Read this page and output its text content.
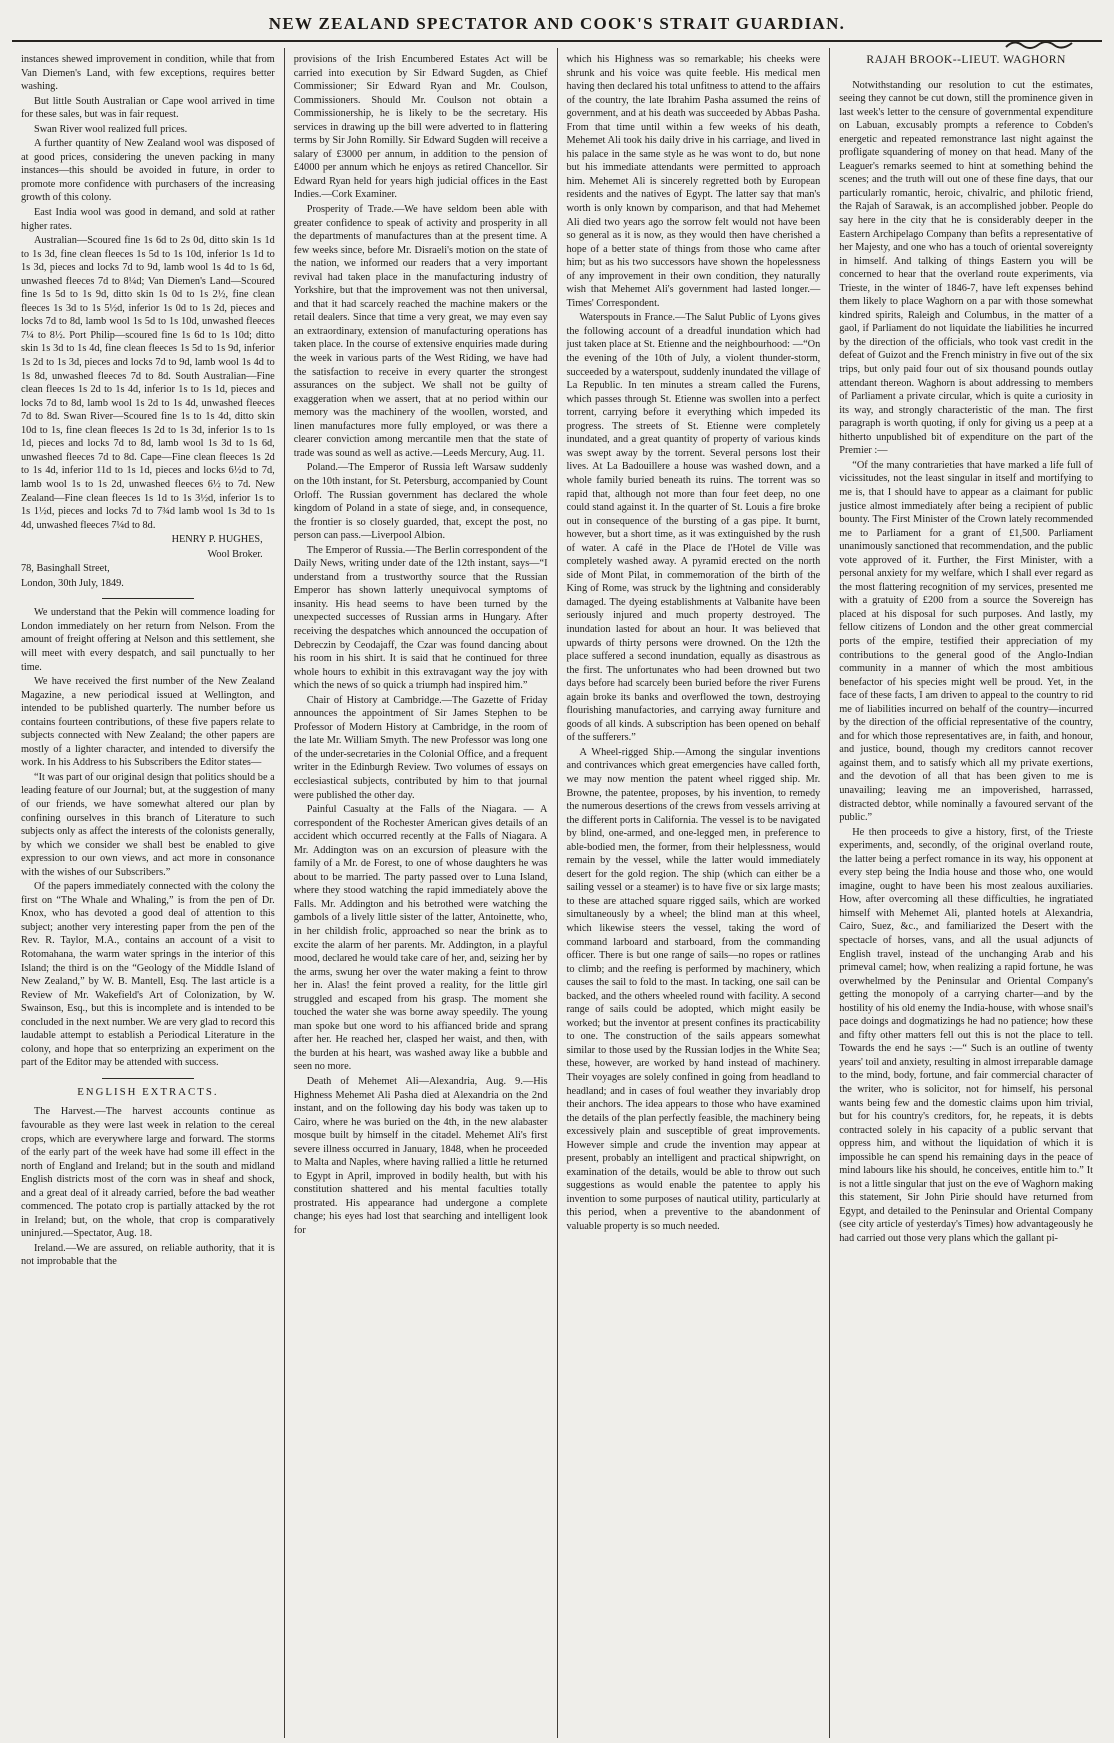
NEW ZEALAND SPECTATOR AND COOK'S STRAIT GUARDIAN.

instances shewed improvement in condition, while that from Van Diemen's Land, with few exceptions, requires better washing.

But little South Australian or Cape wool arrived in time for these sales, but was in fair request.

Swan River wool realized full prices.

A further quantity of New Zealand wool was disposed of at good prices, considering the uneven packing in many instances—this should be avoided in future, in order to promote more confidence with purchasers of the increasing growth of this colony.

East India wool was good in demand, and sold at rather higher rates.

Australian—Scoured fine 1s 6d to 2s 0d, ditto skin 1s 1d to 1s 3d, fine clean fleeces 1s 5d to 1s 10d, inferior 1s 1d to 1s 3d, pieces and locks 7d to 9d, lamb wool 1s 4d to 1s 6d, unwashed fleeces 7d to 8¼d; Van Diemen's Land—Scoured fine 1s 5d to 1s 9d, ditto skin 1s 0d to 1s 2½, fine clean fleeces 1s 3d to 1s 5½d, inferior 1s 0d to 1s 2d, pieces and locks 7d to 8d, lamb wool 1s 5d to 1s 10d, unwashed fleeces 7¼ to 8½. Port Philip—scoured fine 1s 6d to 1s 10d; ditto skin 1s 3d to 1s 4d, fine clean fleeces 1s 5d to 1s 9d, inferior 1s 2d to 1s 3d, pieces and locks 7d to 9d, lamb wool 1s 4d to 1s 8d, unwashed fleeces 7d to 8d. South Australian—Fine clean fleeces 1s 2d to 1s 4d, inferior 1s to 1s 1d, pieces and locks 7d to 8d, lamb wool 1s 2d to 1s 4d, unwashed fleeces 7d to 8d. Swan River—Scoured fine 1s to 1s 4d, ditto skin 10d to 1s, fine clean fleeces 1s 2d to 1s 3d, inferior 1s to 1s 1d, pieces and locks 7d to 8d, lamb wool 1s 3d to 1s 6d, unwashed fleeces 7d to 8d. Cape—Fine clean fleeces 1s 2d to 1s 4d, inferior 11d to 1s 1d, pieces and locks 6½d to 7d, lamb wool 1s to 1s 2d, unwashed fleeces 6½ to 7d. New Zealand—Fine clean fleeces 1s 1d to 1s 3½d, inferior 1s to 1s 1½d, pieces and locks 7d to 7¾d lamb wool 1s 3d to 1s 4d, unwashed fleeces 7¼d to 8d.

HENRY P. HUGHES,

Wool Broker.

78, Basinghall Street,

London, 30th July, 1849.

We understand that the Pekin will commence loading for London immediately on her return from Nelson. From the amount of freight offering at Nelson and this settlement, she will meet with every despatch, and sail punctually to her time.

We have received the first number of the New Zealand Magazine, a new periodical issued at Wellington, and intended to be published quarterly. The number before us contains fourteen contributions, of these five papers relate to subjects connected with New Zealand; the other papers are mostly of a lighter character, and intended to diversify the work. In his Address to his Subscribers the Editor states—

“It was part of our original design that politics should be a leading feature of our Journal; but, at the suggestion of many of our friends, we have somewhat altered our plan by confining ourselves in this branch of Literature to such subjects only as affect the interests of the colonists generally, by which we consider we shall best be enabled to give expression to our own views, and act more in consonance with the wishes of our Subscribers.”

Of the papers immediately connected with the colony the first on “The Whale and Whaling,” is from the pen of Dr. Knox, who has devoted a good deal of attention to this subject; another very interesting paper from the pen of the Rev. R. Taylor, M.A., contains an account of a visit to Rotomahana, the warm water springs in the interior of this Island; the third is on the “Geology of the Middle Island of New Zealand,” by W. B. Mantell, Esq. The last article is a Review of Mr. Wakefield's Art of Colonization, by W. Swainson, Esq., but this is incomplete and is intended to be concluded in the next number. We are very glad to record this laudable attempt to establish a Periodical Literature in the colony, and hope that so enterprizing an experiment on the part of the Editor may be attended with success.

ENGLISH EXTRACTS.

The Harvest.—The harvest accounts continue as favourable as they were last week in relation to the cereal crops, which are everywhere large and forward. The storms of the early part of the week have had some ill effect in the north of England and Ireland; but in the south and midland English districts most of the corn was in sheaf and shock, and a great deal of it already carried, before the bad weather commenced. The potato crop is partially attacked by the rot in Ireland; but, on the whole, that crop is comparatively uninjured.—Spectator, Aug. 18.

Ireland.—We are assured, on reliable authority, that it is not improbable that the

provisions of the Irish Encumbered Estates Act will be carried into execution by Sir Edward Sugden, as Chief Commissioner; Sir Edward Ryan and Mr. Coulson, Commissioners. Should Mr. Coulson not obtain a Commissionership, he is likely to be the secretary. His services in drawing up the bill were adverted to in flattering terms by Sir John Romilly. Sir Edward Sugden will receive a salary of £3000 per annum, in addition to the pension of £4000 per annum which he enjoys as retired Chancellor. Sir Edward Ryan held for years high judicial offices in the East Indies.—Cork Examiner.

Prosperity of Trade.—We have seldom been able with greater confidence to speak of activity and prosperity in all the departments of manufactures than at the present time. A few weeks since, before Mr. Disraeli's motion on the state of the nation, we informed our readers that a very important revival had taken place in the manufacturing industry of Yorkshire, but that the improvement was not then universal, and that it had scarcely reached the machine makers or the retail dealers. Since that time a very great, we may even say an extraordinary, extension of manufacturing operations has taken place. In the course of extensive enquiries made during the week in various parts of the West Riding, we have had the satisfaction to receive in every quarter the strongest assurances on the subject. We shall not be guilty of exaggeration when we assert, that at no period within our memory was the machinery of the woollen, worsted, and linen manufactures more fully employed, or was there a clearer conviction among mercantile men that the state of trade was sound as well as active.—Leeds Mercury, Aug. 11.

Poland.—The Emperor of Russia left Warsaw suddenly on the 10th instant, for St. Petersburg, accompanied by Count Orloff. The Russian government has declared the whole kingdom of Poland in a state of siege, and, in consequence, the frontier is so closely guarded, that, except the post, no person can pass.—Liverpool Albion.

The Emperor of Russia.—The Berlin correspondent of the Daily News, writing under date of the 12th instant, says—“I understand from a trustworthy source that the Russian Emperor has shown latterly unequivocal symptoms of insanity. His head seems to have been turned by the unexpected successes of Russian arms in Hungary. After receiving the despatches which announced the occupation of Debreczin by Ceodajaff, the Czar was found dancing about his room in his shirt. It is said that he continued for three whole hours to exhibit in this extravagant way the joy with which the news of so quick a triumph had inspired him.”

Chair of History at Cambridge.—The Gazette of Friday announces the appointment of Sir James Stephen to be Professor of Modern History at Cambridge, in the room of the late Mr. William Smyth. The new Professor was long one of the under-secretaries in the Colonial Office, and a frequent writer in the Edinburgh Review. Two volumes of essays on ecclesiastical subjects, contributed by him to that journal were published the other day.

Painful Casualty at the Falls of the Niagara. — A correspondent of the Rochester American gives details of an accident which occurred recently at the Falls of Niagara. A Mr. Addington was on an excursion of pleasure with the family of a Mr. de Forest, to one of whose daughters he was about to be married. The party passed over to Luna Island, where they stood watching the rapid immediately above the Falls. Mr. Addington and his betrothed were watching the gambols of a lively little sister of the latter, Antoinette, who, in her childish frolic, approached so near the brink as to excite the alarm of her parents. Mr. Addington, in a playful mood, declared he would take care of her, and, seizing her by the arms, swung her over the water making a feint to throw her in. Alas! the feint proved a reality, for the little girl struggled and escaped from his grasp. The moment she touched the water she was borne away speedily. The young man spoke but one word to his affianced bride and sprang after her. He reached her, clasped her waist, and then, with the burden at his heart, was washed away like a bubble and seen no more.

Death of Mehemet Ali—Alexandria, Aug. 9.—His Highness Mehemet Ali Pasha died at Alexandria on the 2nd instant, and on the following day his body was taken up to Cairo, where he was buried on the 4th, in the new alabaster mosque built by himself in the citadel. Mehemet Ali's first severe illness occurred in January, 1848, when he proceeded to Malta and Naples, where having rallied a little he returned to Egypt in April, improved in bodily health, but with his constitution shattered and his mental faculties totally prostrated. His appearance had undergone a complete change; his eyes had lost that searching and intelligent look for

which his Highness was so remarkable; his cheeks were shrunk and his voice was quite feeble. His medical men having then declared his total unfitness to attend to the affairs of the country, the late Ibrahim Pasha assumed the reins of government, and at his death was succeeded by Abbas Pasha. From that time until within a few weeks of his death, Mehemet Ali took his daily drive in his carriage, and lived in his palace in the same style as he was wont to do, but none but his immediate attendants were permitted to approach him. Mehemet Ali is sincerely regretted both by European residents and the natives of Egypt. The latter say that man's worth is only known by comparison, and that had Mehemet Ali died two years ago the sorrow felt would not have been so general as it is now, as they would then have cherished a hope of a better state of things from those who came after him; but as his two successors have shown the hopelessness of any improvement in their own condition, they naturally wish that Mehemet Ali's government had lasted longer.—Times' Correspondent.

Waterspouts in France.—The Salut Public of Lyons gives the following account of a dreadful inundation which had just taken place at St. Etienne and the neighbourhood: —“On the evening of the 10th of July, a violent thunder-storm, succeeded by a waterspout, suddenly inundated the village of La Republic. In ten minutes a stream called the Furens, which passes through St. Etienne was swollen into a perfect torrent, carrying before it everything which impeded its progress. The streets of St. Etienne were completely inundated, and a great quantity of property of various kinds was swept away by the torrent. Several persons lost their lives. At La Badouillere a house was washed down, and a whole family buried beneath its ruins. The torrent was so rapid that, although not more than four feet deep, no one could stand against it. In the quarter of St. Louis a fire broke out in consequence of the bursting of a gas pipe. It burnt, however, but a short time, as it was extinguished by the rush of water. A café in the Place de l'Hotel de Ville was completely washed away. A pyramid erected on the north side of Mont Pilat, in commemoration of the birth of the King of Rome, was struck by the lightning and considerably damaged. The dyeing establishments at Valbanite have been seriously injured and much property destroyed. The inundation lasted for about an hour. It was believed that upwards of thirty persons were drowned. On the 12th the place suffered a second inundation, equally as disastrous as the first. The unfortunates who had been drowned but two days before had scarcely been buried before the river Furens again broke its banks and overflowed the town, destroying flourishing manufactories, and carrying away furniture and goods of all kinds. A subscription has been opened on behalf of the sufferers.”

A Wheel-rigged Ship.—Among the singular inventions and contrivances which great emergencies have called forth, we may now mention the patent wheel rigged ship. Mr. Browne, the patentee, proposes, by his invention, to remedy the numerous desertions of the crews from vessels arriving at the different ports in California. The vessel is to be navigated by blind, one-armed, and one-legged men, in preference to able-bodied men, the former, from their helplessness, would remain by the vessel, while the latter would immediately desert for the gold region. The ship (which can either be a sailing vessel or a steamer) is to have five or six large masts; to these are attached square rigged sails, which are worked simultaneously by a wheel; the blind man at this wheel, which likewise steers the vessel, taking the word of command larboard and starboard, from the commanding officer. There is but one range of sails—no ropes or ratlines to climb; and the reefing is performed by machinery, which causes the sail to fold to the mast. In tacking, one sail can be backed, and the others wheeled round with facility. A second range of sails could be adopted, which might easily be worked; but the inventor at present confines its practicability to one. The construction of the sails appears somewhat similar to those used by the Russian lodjes in the White Sea; these, however, are worked by hand instead of machinery. Their voyages are solely confined in going from headland to headland; and in cases of foul weather they invariably drop their anchors. The idea appears to those who have examined the details of the plan perfectly feasible, the machinery being excessively plain and susceptible of great improvements. However simple and crude the invention may appear at present, probably an intelligent and practical shipwright, on examination of the details, would be able to throw out such suggestions as would enable the patentee to apply his invention to some purposes of nautical utility, particularly at this period, when a preventive to the abandonment of valuable property is so much needed.

RAJAH BROOK--LIEUT. WAGHORN

Notwithstanding our resolution to cut the estimates, seeing they cannot be cut down, still the prominence given in last week's letter to the censure of governmental expenditure on Labuan, excusably prompts a reference to Cobden's energetic and repeated remonstrance last night against the profligate squandering of money on that head. Many of the Leaguer's remarks seemed to hint at something behind the scenes; and the truth will out one of these fine days, that our particularly romantic, heroic, chivalric, and philotic friend, the Rajah of Sarawak, is an accomplished jobber. People do say here in the city that he is considerably deeper in the Eastern Archipelago Company than befits a representative of her Majesty, and one who has a touch of oriental sovereignty in himself. And talking of things Eastern you will be concerned to hear that the overland route experiments, via Trieste, in the winter of 1846-7, have left expenses behind them likely to place Waghorn on a par with those somewhat kindred spirits, Raleigh and Columbus, in the matter of a gaol, if Parliament do not liquidate the liabilities he incurred by the direction of the officials, who took vast credit in the defeat of Guizot and the French ministry in five out of the six trips, but only paid four out of six thousand pounds outlay attendant thereon. Waghorn is about addressing to members of Parliament a private circular, which is quite a curiosity in its way, and strongly characteristic of the man. The first paragraph is worth quoting, if only for giving us a peep at a hitherto unpublished bit of expenditure on the part of the Premier :—

“Of the many contrarieties that have marked a life full of vicissitudes, not the least singular in itself and mortifying to me is, that I should have to appear as a claimant for public justice almost immediately after being a recipient of public bounty. The First Minister of the Crown lately recommended me to Parliament for a grant of £1,500. Parliament unanimously sanctioned that recommendation, and the public vote approved of it. Further, the First Minister, with a personal anxiety for my welfare, which I shall ever regard as the most flattering recognition of my services, presented me with a gratuity of £200 from a source the Sovereign has placed at his disposal for such purposes. And lastly, my fellow citizens of London and the other great commercial ports of the empire, testified their appreciation of my contributions to the general good of the Anglo-Indian community in a manner of which the most ambitious benefactor of his species might well be proud. Yet, in the face of these facts, I am driven to appeal to the country to rid me of liabilities incurred on behalf of the country—incurred by the direction of the official representative of the country, and for which those representatives are, in faith, and honour, and justice, bound, though my creditors cannot recover against them, and to satisfy which all my private exertions, and the devotion of all that has been given to me is unavailing; leaving me an impoverished, harrassed, distracted debtor, while nominally a favoured servant of the public.”

He then proceeds to give a history, first, of the Trieste experiments, and, secondly, of the original overland route, the latter being a perfect romance in its way, his opponent at every step being the India house and those who, one would imagine, ought to have been his most zealous auxiliaries. How, after overcoming all these difficulties, he ingratiated himself with Mehemet Ali, planted hotels at Alexandria, Cairo, Suez, &c., and familiarized the Desert with the spectacle of horses, vans, and all the usual adjuncts of English travel, instead of the unchanging Arab and his primeval camel; how, when realizing a rapid fortune, he was overwhelmed by the Peninsular and Oriental Company's getting the monopoly of a carrying charter—and by the hostility of his old enemy the India-house, with whose snail's pace doings and dogmatizings he had no patience; how these and fifty other matters fell out this is not the place to tell. Towards the end he says :—“ Such is an outline of twenty years' toil and anxiety, resulting in almost irreparable damage to the mind, body, fortune, and fair commercial character of the writer, who is solicitor, not for himself, his personal wants being few and the domestic claims upon him trivial, but for his country's creditors, for, he repeats, it is debts contracted solely in his capacity of a public servant that oppress him, and without the liquidation of which it is impossible he can spend his remaining days in the peace of mind labours like his should, he conceives, entitle him to.” It is not a little singular that just on the eve of Waghorn making this statement, Sir John Pirie should have returned from Egypt, and detailed to the Peninsular and Oriental Company (see city article of yesterday's Times) how advantageously he had carried out those very plans which the gallant pi-
